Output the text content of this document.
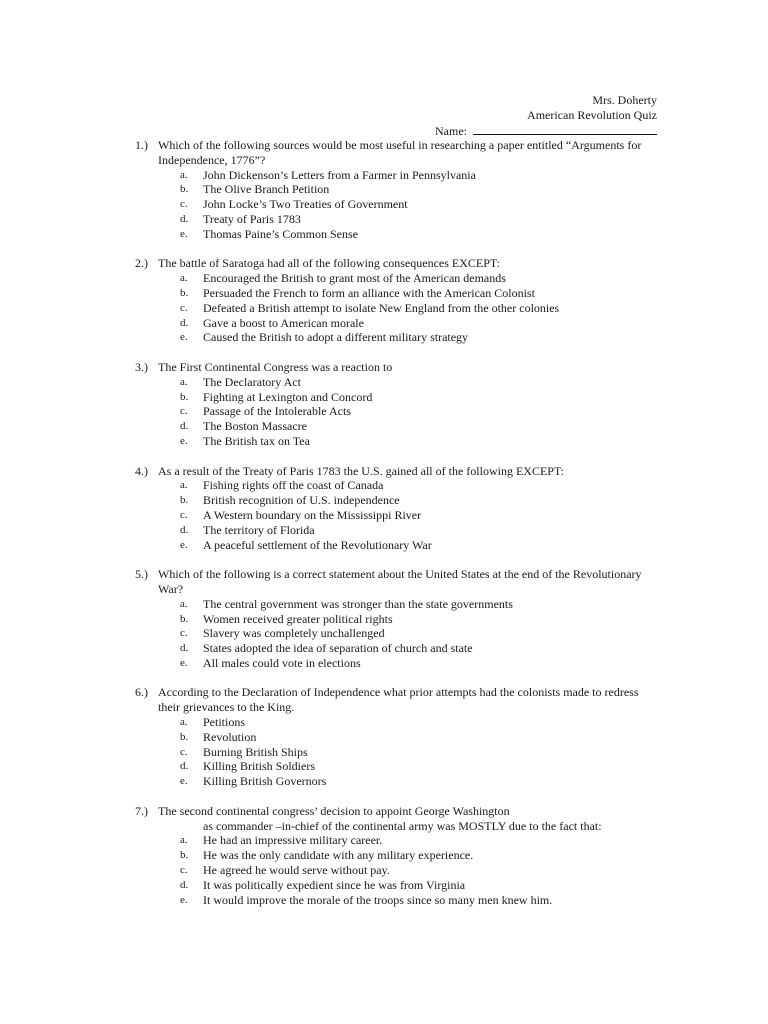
Mrs. Doherty
American Revolution Quiz
Name:
1.) Which of the following sources would be most useful in researching a paper entitled “Arguments for Independence, 1776”?
a. John Dickenson’s Letters from a Farmer in Pennsylvania
b. The Olive Branch Petition
c. John Locke’s Two Treaties of Government
d. Treaty of Paris 1783
e. Thomas Paine’s Common Sense
2.) The battle of Saratoga had all of the following consequences EXCEPT:
a. Encouraged the British to grant most of the American demands
b. Persuaded the French to form an alliance with the American Colonist
c. Defeated a British attempt to isolate New England from the other colonies
d. Gave a boost to American morale
e. Caused the British to adopt a different military strategy
3.) The First Continental Congress was a reaction to
a. The Declaratory Act
b. Fighting at Lexington and Concord
c. Passage of the Intolerable Acts
d. The Boston Massacre
e. The British tax on Tea
4.) As a result of the Treaty of Paris 1783 the U.S. gained all of the following EXCEPT:
a. Fishing rights off the coast of Canada
b. British recognition of U.S. independence
c. A Western boundary on the Mississippi River
d. The territory of Florida
e. A peaceful settlement of the Revolutionary War
5.) Which of the following is a correct statement about the United States at the end of the Revolutionary War?
a. The central government was stronger than the state governments
b. Women received greater political rights
c. Slavery was completely unchallenged
d. States adopted the idea of separation of church and state
e. All males could vote in elections
6.) According to the Declaration of Independence what prior attempts had the colonists made to redress their grievances to the King.
a. Petitions
b. Revolution
c. Burning British Ships
d. Killing British Soldiers
e. Killing British Governors
7.) The second continental congress’ decision to appoint George Washington
as commander –in-chief of the continental army was MOSTLY due to the fact that:
a. He had an impressive military career.
b. He was the only candidate with any military experience.
c. He agreed he would serve without pay.
d. It was politically expedient since he was from Virginia
e. It would improve the morale of the troops since so many men knew him.
